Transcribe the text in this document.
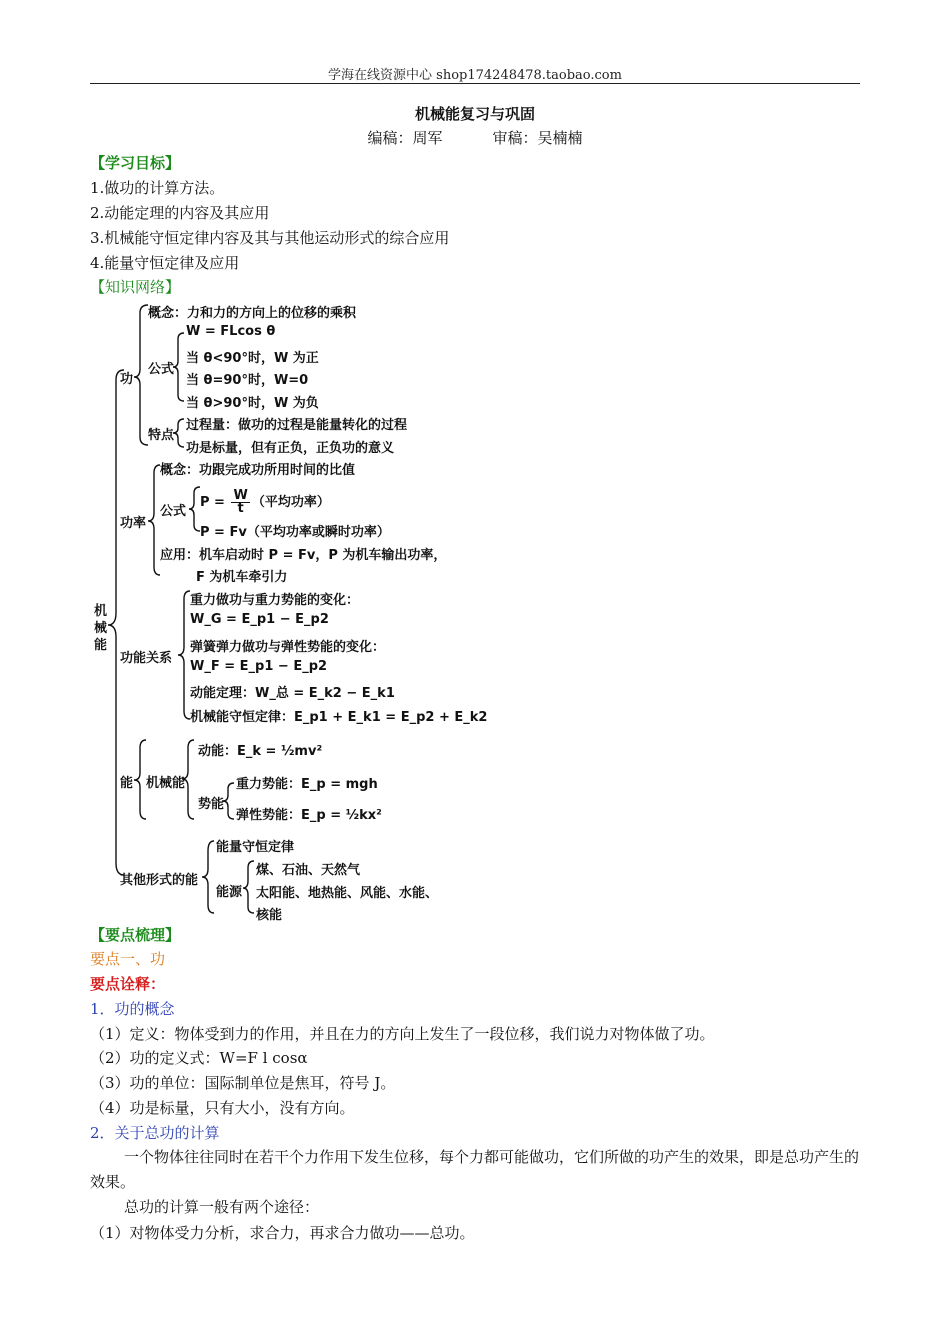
学海在线资源中心 shop174248478.taobao.com
机械能复习与巩固
编稿：周军	审稿：吴楠楠
【学习目标】
1.做功的计算方法。
2.动能定理的内容及其应用
3.机械能守恒定律内容及其与其他运动形式的综合应用
4.能量守恒定律及应用
【知识网络】
机械能
功
概念：力和力的方向上的位移的乘积
公式
W = FLcos θ
当 θ<90°时，W 为正
当 θ=90°时，W=0
当 θ>90°时，W 为负
特点
过程量：做功的过程是能量转化的过程
功是标量，但有正负，正负功的意义
功率
概念：功跟完成功所用时间的比值
公式
$P = \frac{W}{t}$ （平均功率）
P = Fv（平均功率或瞬时功率）
应用：机车启动时 P = Fv，P 为机车输出功率，
F 为机车牵引力
功能关系
重力做功与重力势能的变化：
W_G = E_p1 − E_p2
弹簧弹力做功与弹性势能的变化：
W_F = E_p1 − E_p2
动能定理：W_总 = E_k2 − E_k1
机械能守恒定律：E_p1 + E_k1 = E_p2 + E_k2
能 机械能
动能：E_k = ½mv²
势能
重力势能：E_p = mgh
弹性势能：E_p = ½kx²
其他形式的能
能量守恒定律
能源
煤、石油、天然气
太阳能、地热能、风能、水能、
核能
【要点梳理】
要点一、功
要点诠释：
1．功的概念
（1）定义：物体受到力的作用，并且在力的方向上发生了一段位移，我们说力对物体做了功。
（2）功的定义式：W=F l cosα
（3）功的单位：国际制单位是焦耳，符号 J。
（4）功是标量，只有大小，没有方向。
2．关于总功的计算
一个物体往往同时在若干个力作用下发生位移，每个力都可能做功，它们所做的功产生的效果，即是总功产生的效果。
总功的计算一般有两个途径：
（1）对物体受力分析，求合力，再求合力做功——总功。
